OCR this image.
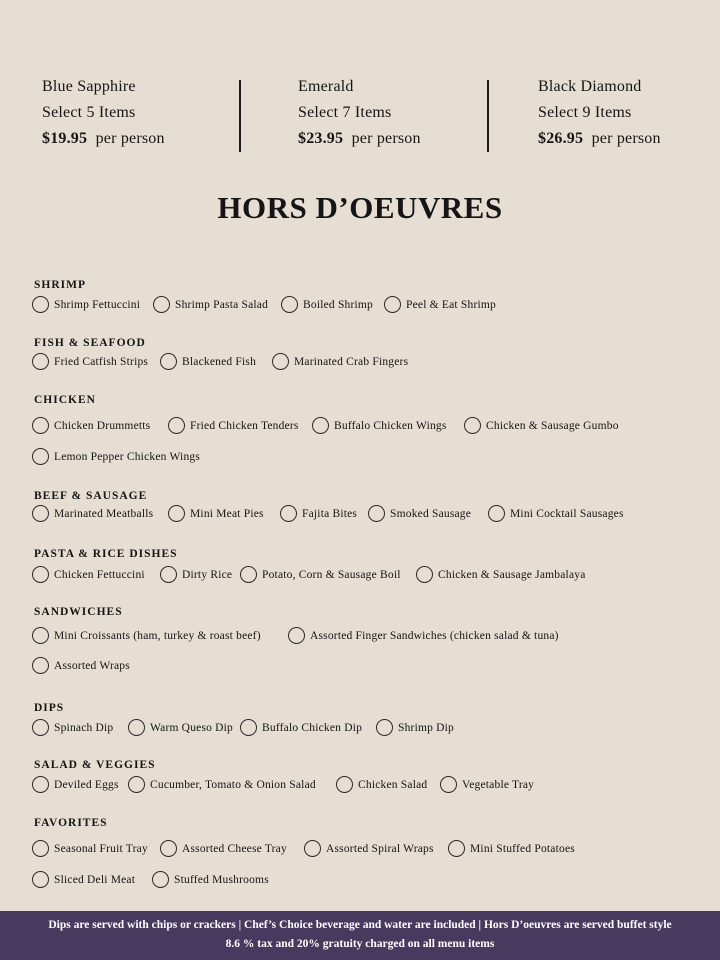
Blue Sapphire
Select 5 Items
$19.95 per person
Emerald
Select 7 Items
$23.95 per person
Black Diamond
Select 9 Items
$26.95 per person
HORS D’OEUVRES
SHRIMP
Shrimp Fettuccini	Shrimp Pasta Salad	Boiled Shrimp	Peel & Eat Shrimp
FISH & SEAFOOD
Fried Catfish Strips	Blackened Fish	Marinated Crab Fingers
CHICKEN
Chicken Drummetts	Fried Chicken Tenders	Buffalo Chicken Wings	Chicken & Sausage Gumbo
Lemon Pepper Chicken Wings
BEEF & SAUSAGE
Marinated Meatballs	Mini Meat Pies	Fajita Bites	Smoked Sausage	Mini Cocktail Sausages
PASTA & RICE DISHES
Chicken Fettuccini	Dirty Rice	Potato, Corn & Sausage Boil	Chicken & Sausage Jambalaya
SANDWICHES
Mini Croissants (ham, turkey & roast beef)	Assorted Finger Sandwiches (chicken salad & tuna)
Assorted Wraps
DIPS
Spinach Dip	Warm Queso Dip	Buffalo Chicken Dip	Shrimp Dip
SALAD & VEGGIES
Deviled Eggs	Cucumber, Tomato & Onion Salad	Chicken Salad	Vegetable Tray
FAVORITES
Seasonal Fruit Tray	Assorted Cheese Tray	Assorted Spiral Wraps	Mini Stuffed Potatoes
Sliced Deli Meat	Stuffed Mushrooms
Dips are served with chips or crackers | Chef’s Choice beverage and water are included | Hors D’oeuvres are served buffet style
8.6 % tax and 20% gratuity charged on all menu items
